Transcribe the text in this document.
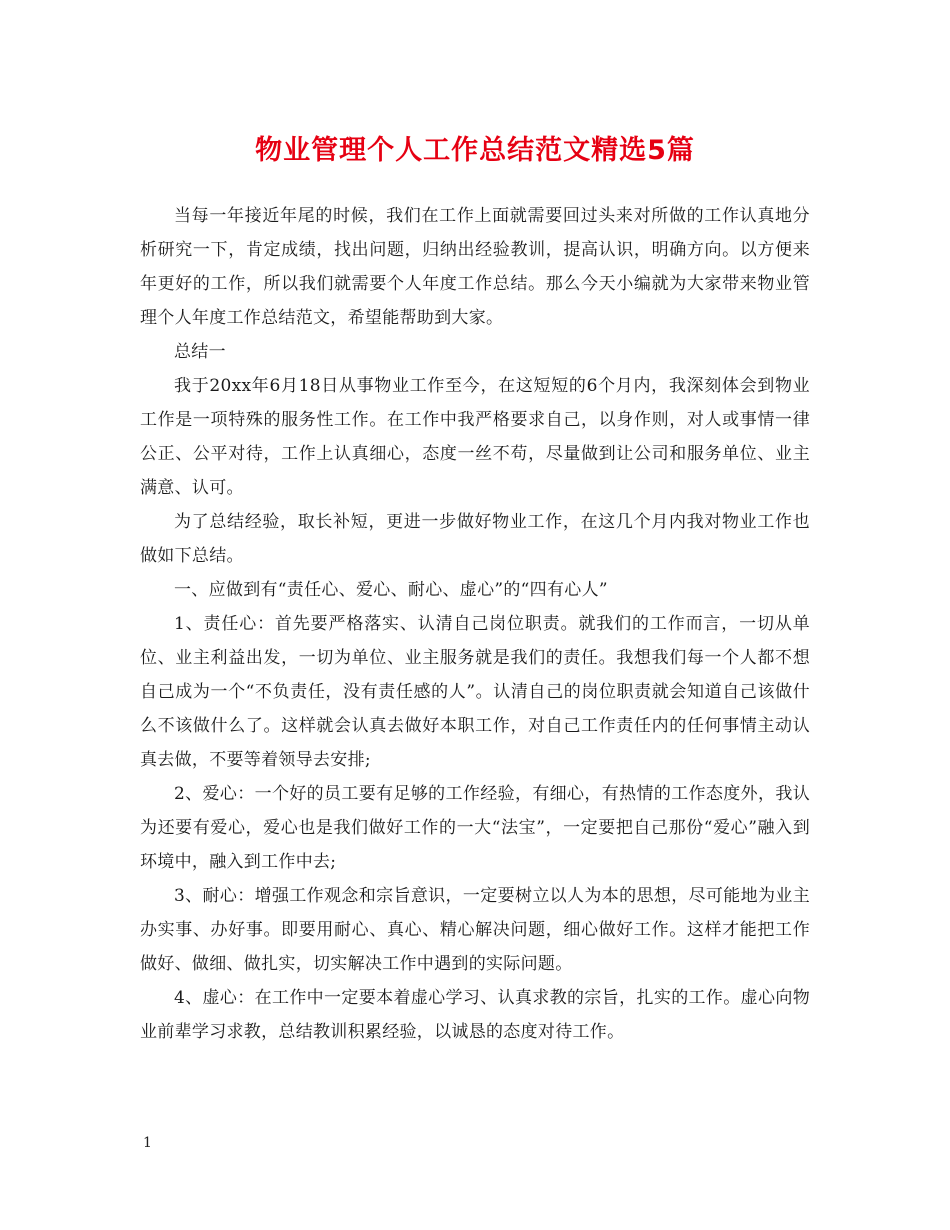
物业管理个人工作总结范文精选5篇

当每一年接近年尾的时候，我们在工作上面就需要回过头来对所做的工作认真地分析研究一下，肯定成绩，找出问题，归纳出经验教训，提高认识，明确方向。以方便来年更好的工作，所以我们就需要个人年度工作总结。那么今天小编就为大家带来物业管理个人年度工作总结范文，希望能帮助到大家。

总结一

我于20xx年6月18日从事物业工作至今，在这短短的6个月内，我深刻体会到物业工作是一项特殊的服务性工作。在工作中我严格要求自己，以身作则，对人或事情一律公正、公平对待，工作上认真细心，态度一丝不苟，尽量做到让公司和服务单位、业主满意、认可。

为了总结经验，取长补短，更进一步做好物业工作，在这几个月内我对物业工作也做如下总结。

一、应做到有“责任心、爱心、耐心、虚心”的“四有心人”

1、责任心：首先要严格落实、认清自己岗位职责。就我们的工作而言，一切从单位、业主利益出发，一切为单位、业主服务就是我们的责任。我想我们每一个人都不想自己成为一个“不负责任，没有责任感的人”。认清自己的岗位职责就会知道自己该做什么不该做什么了。这样就会认真去做好本职工作，对自己工作责任内的任何事情主动认真去做，不要等着领导去安排;

2、爱心：一个好的员工要有足够的工作经验，有细心，有热情的工作态度外，我认为还要有爱心，爱心也是我们做好工作的一大“法宝”，一定要把自己那份“爱心”融入到环境中，融入到工作中去;

3、耐心：增强工作观念和宗旨意识，一定要树立以人为本的思想，尽可能地为业主办实事、办好事。即要用耐心、真心、精心解决问题，细心做好工作。这样才能把工作做好、做细、做扎实，切实解决工作中遇到的实际问题。

4、虚心：在工作中一定要本着虚心学习、认真求教的宗旨，扎实的工作。虚心向物业前辈学习求教，总结教训积累经验，以诚恳的态度对待工作。

1
